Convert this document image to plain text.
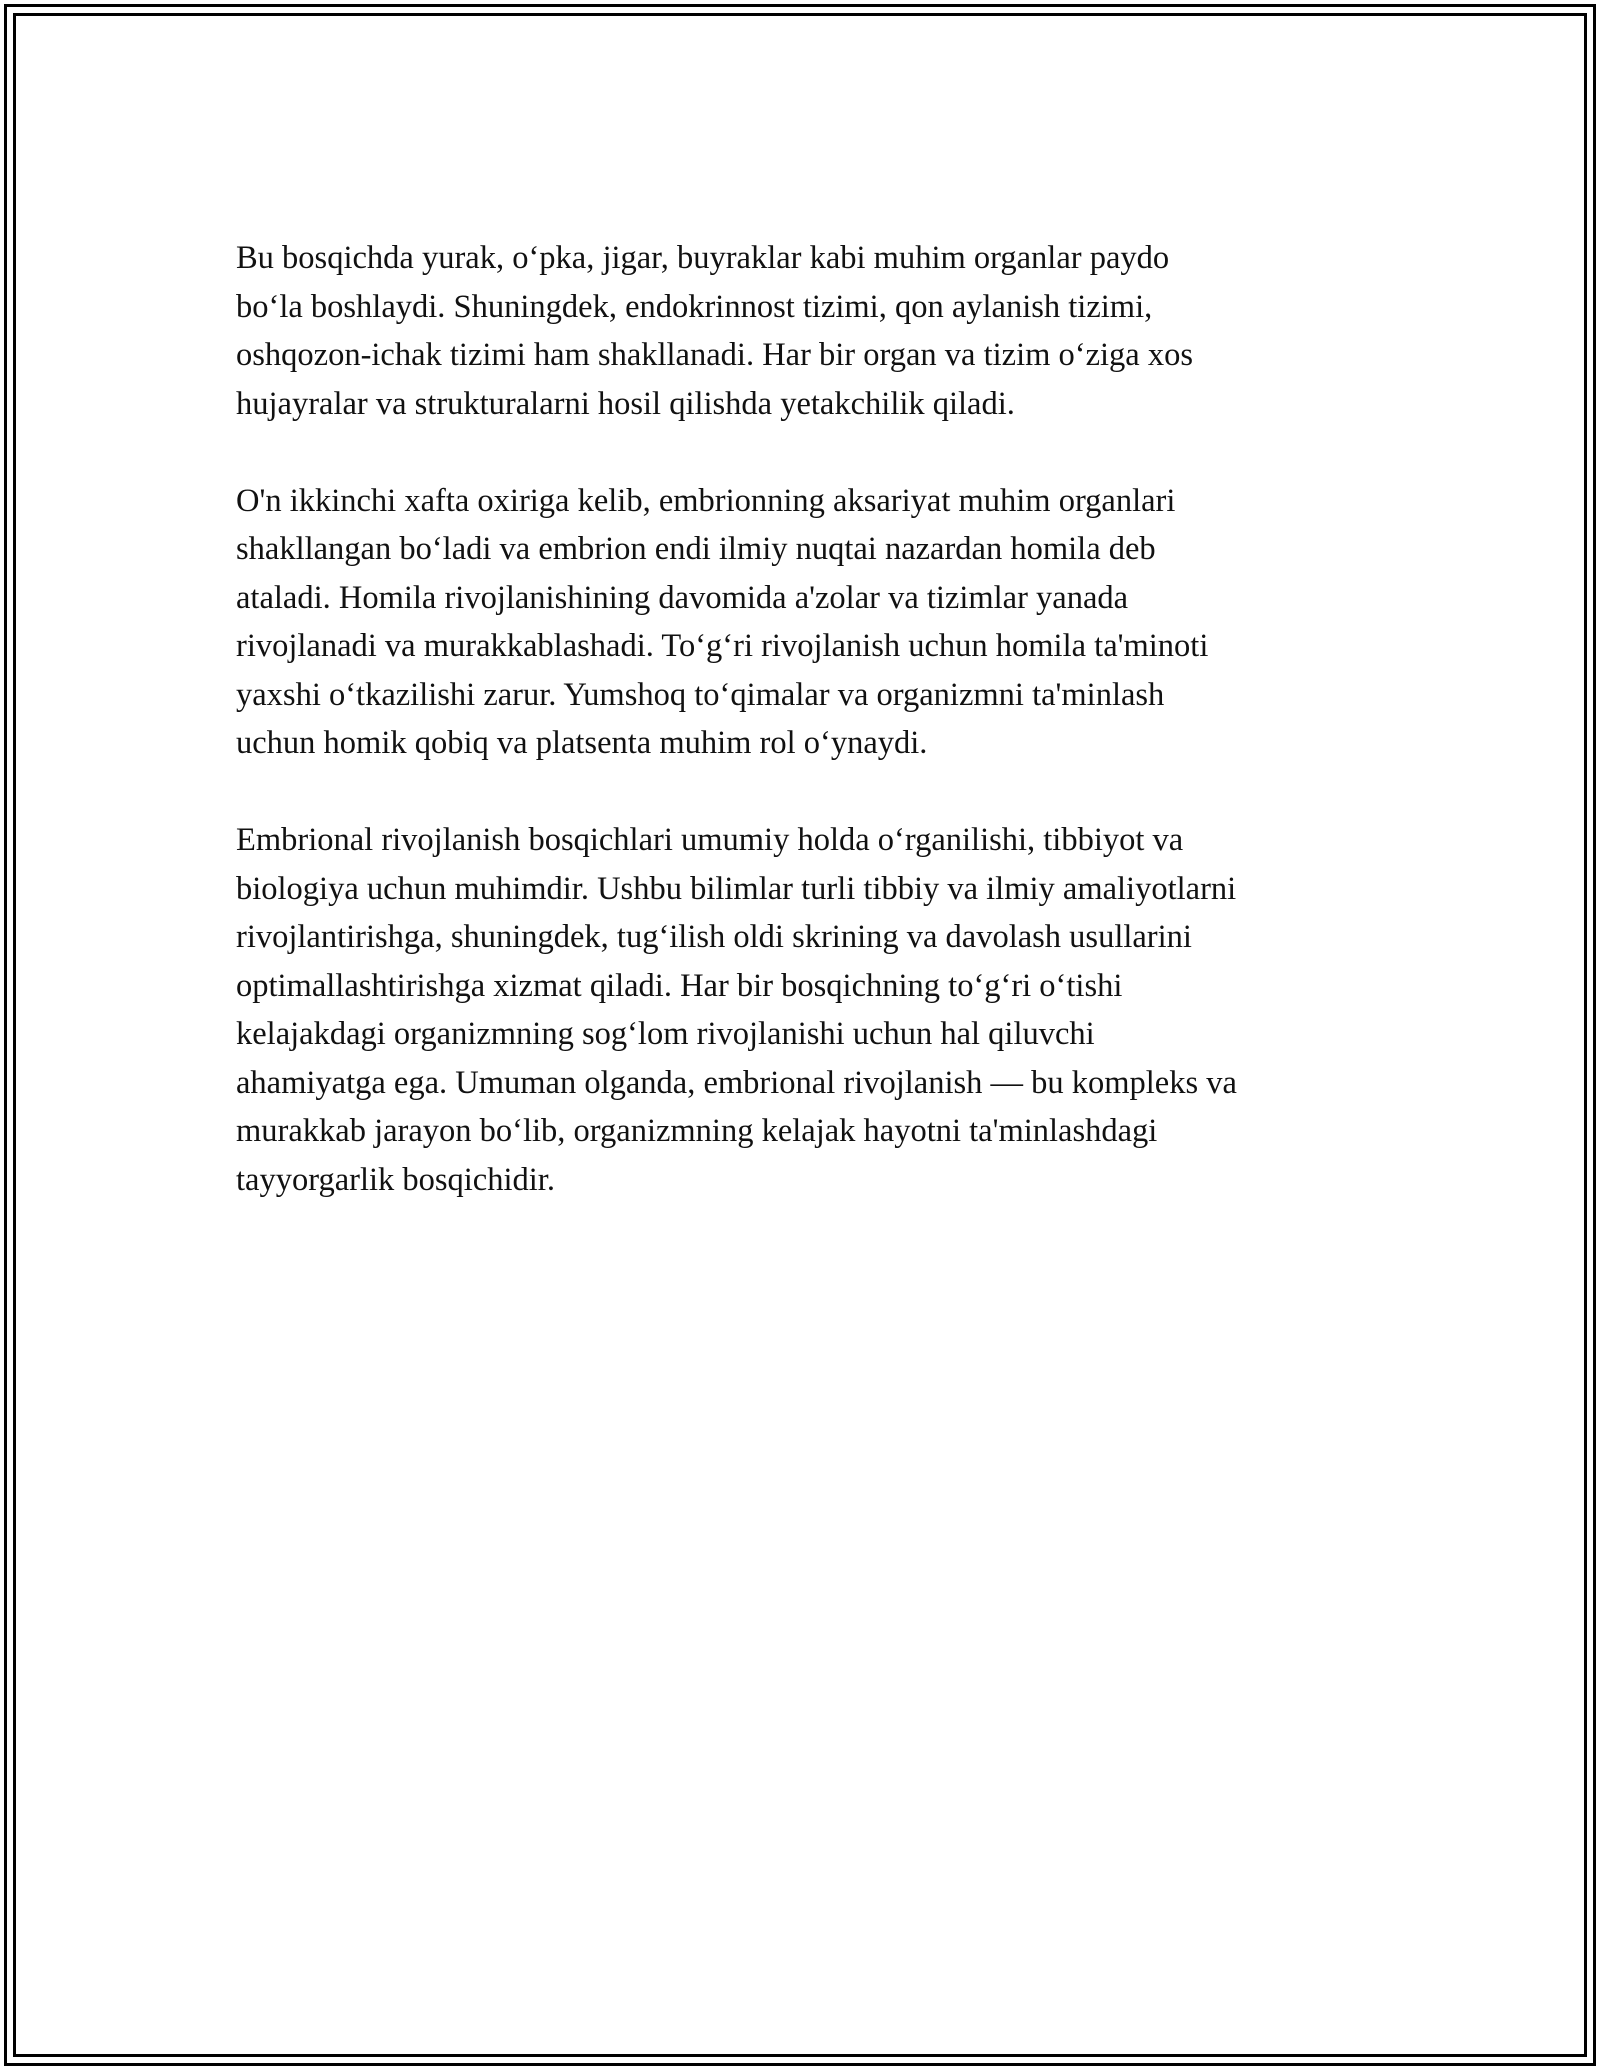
Bu bosqichda yurak, o‘pka, jigar, buyraklar kabi muhim organlar paydo
bo‘la boshlaydi. Shuningdek, endokrinnost tizimi, qon aylanish tizimi,
oshqozon-ichak tizimi ham shakllanadi. Har bir organ va tizim o‘ziga xos
hujayralar va strukturalarni hosil qilishda yetakchilik qiladi.

O'n ikkinchi xafta oxiriga kelib, embrionning aksariyat muhim organlari
shakllangan bo‘ladi va embrion endi ilmiy nuqtai nazardan homila deb
ataladi. Homila rivojlanishining davomida a'zolar va tizimlar yanada
rivojlanadi va murakkablashadi. To‘g‘ri rivojlanish uchun homila ta'minoti
yaxshi o‘tkazilishi zarur. Yumshoq to‘qimalar va organizmni ta'minlash
uchun homik qobiq va platsenta muhim rol o‘ynaydi.

Embrional rivojlanish bosqichlari umumiy holda o‘rganilishi, tibbiyot va
biologiya uchun muhimdir. Ushbu bilimlar turli tibbiy va ilmiy amaliyotlarni
rivojlantirishga, shuningdek, tug‘ilish oldi skrining va davolash usullarini
optimallashtirishga xizmat qiladi. Har bir bosqichning to‘g‘ri o‘tishi
kelajakdagi organizmning sog‘lom rivojlanishi uchun hal qiluvchi
ahamiyatga ega. Umuman olganda, embrional rivojlanish — bu kompleks va
murakkab jarayon bo‘lib, organizmning kelajak hayotni ta'minlashdagi
tayyorgarlik bosqichidir.
